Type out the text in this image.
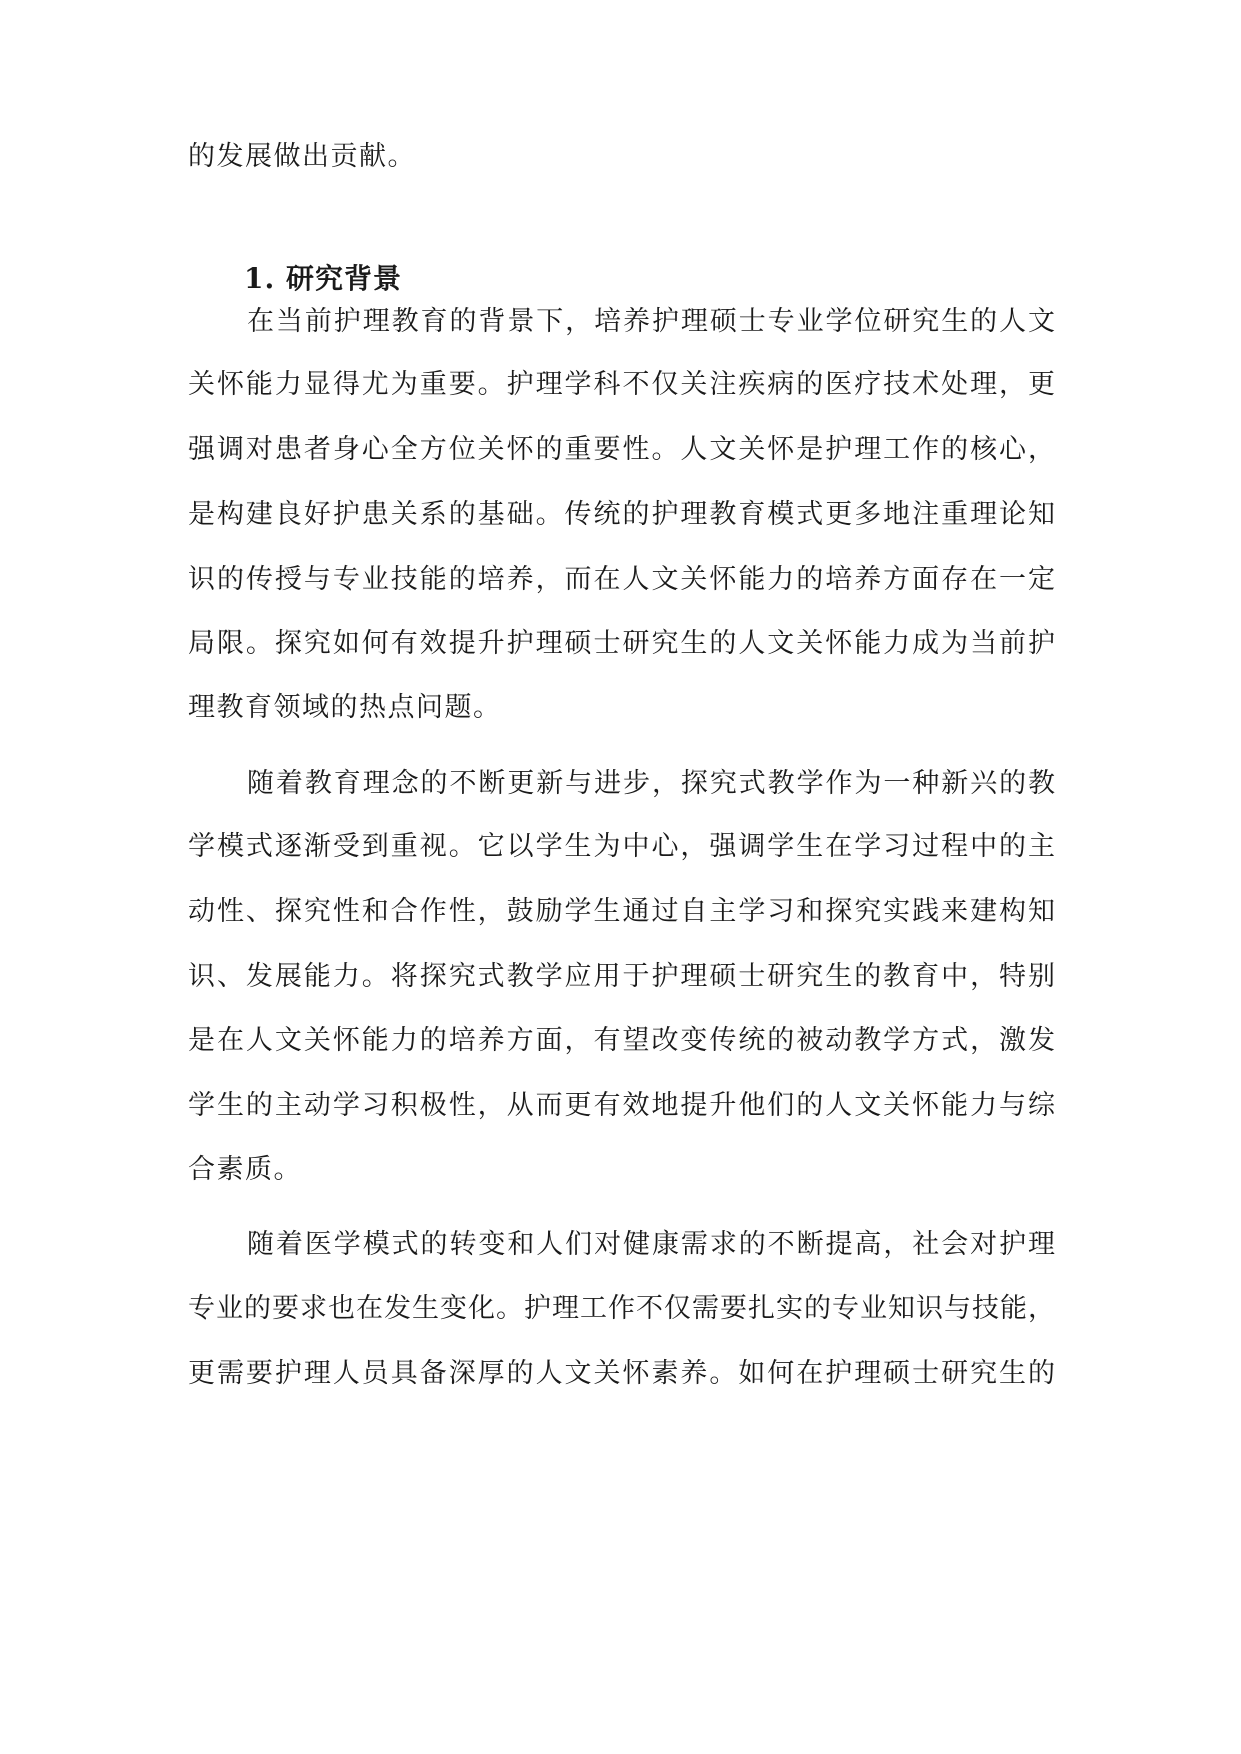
的发展做出贡献。
1. 研究背景
在当前护理教育的背景下，培养护理硕士专业学位研究生的人文
关怀能力显得尤为重要。护理学科不仅关注疾病的医疗技术处理，更
强调对患者身心全方位关怀的重要性。人文关怀是护理工作的核心，
是构建良好护患关系的基础。传统的护理教育模式更多地注重理论知
识的传授与专业技能的培养，而在人文关怀能力的培养方面存在一定
局限。探究如何有效提升护理硕士研究生的人文关怀能力成为当前护
理教育领域的热点问题。
随着教育理念的不断更新与进步，探究式教学作为一种新兴的教
学模式逐渐受到重视。它以学生为中心，强调学生在学习过程中的主
动性、探究性和合作性，鼓励学生通过自主学习和探究实践来建构知
识、发展能力。将探究式教学应用于护理硕士研究生的教育中，特别
是在人文关怀能力的培养方面，有望改变传统的被动教学方式，激发
学生的主动学习积极性，从而更有效地提升他们的人文关怀能力与综
合素质。
随着医学模式的转变和人们对健康需求的不断提高，社会对护理
专业的要求也在发生变化。护理工作不仅需要扎实的专业知识与技能，
更需要护理人员具备深厚的人文关怀素养。如何在护理硕士研究生的
